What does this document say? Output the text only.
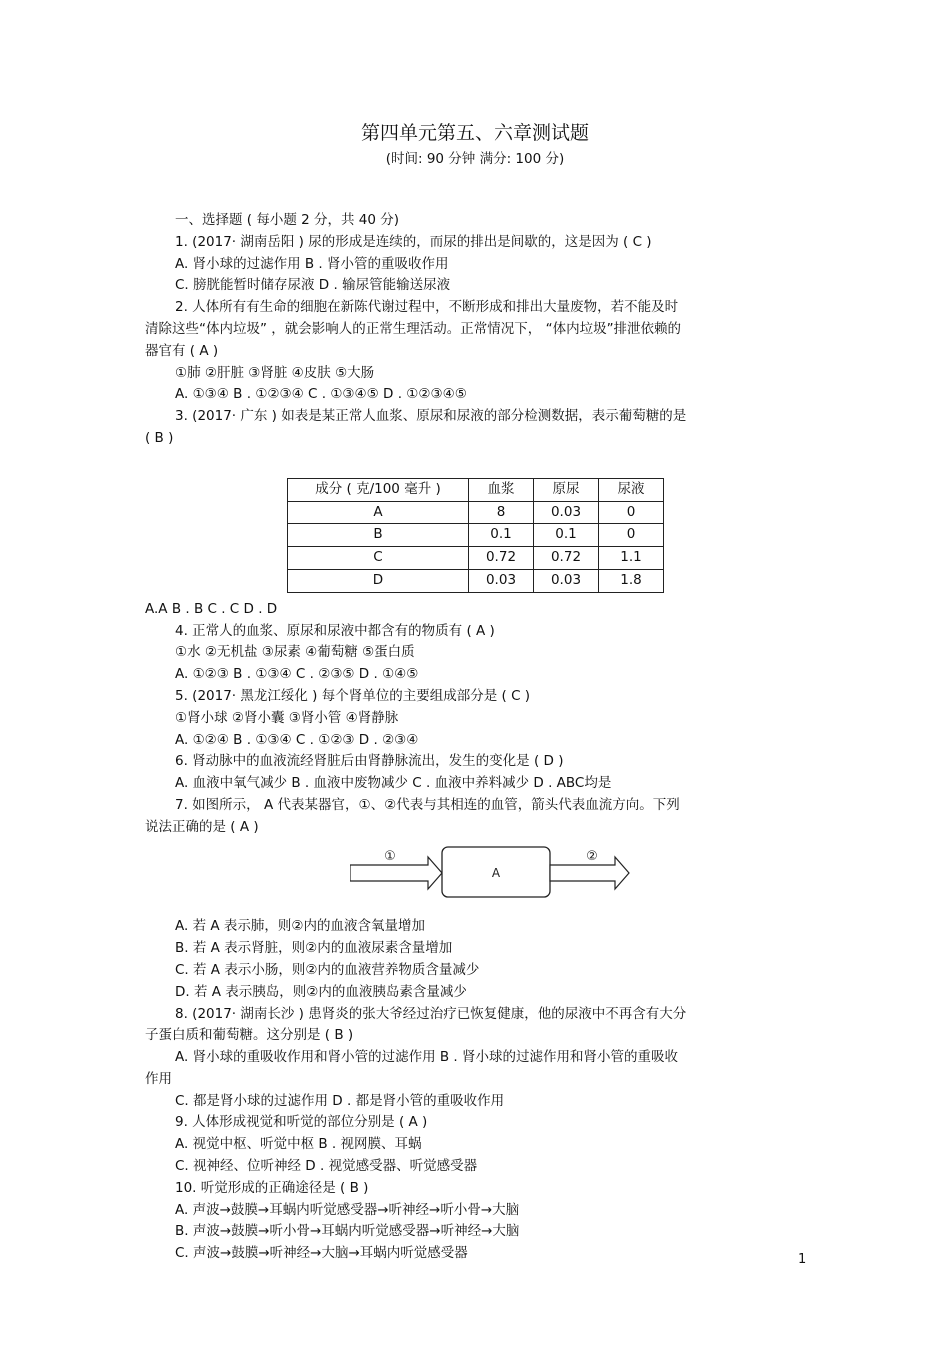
第四单元第五、六章测试题
(时间: 90 分钟 满分: 100 分)
一、选择题 ( 每小题 2 分，共 40 分)
1. (2017· 湖南岳阳 ) 尿的形成是连续的，而尿的排出是间歇的，这是因为 ( C )
A. 肾小球的过滤作用 B . 肾小管的重吸收作用
C. 膀胱能暂时储存尿液 D . 输尿管能输送尿液
2. 人体所有有生命的细胞在新陈代谢过程中，不断形成和排出大量废物，若不能及时
清除这些“体内垃圾” ，就会影响人的正常生理活动。正常情况下， “体内垃圾”排泄依赖的
器官有 ( A )
①肺 ②肝脏 ③肾脏 ④皮肤 ⑤大肠
A. ①③④ B . ①②③④ C . ①③④⑤ D . ①②③④⑤
3. (2017· 广东 ) 如表是某正常人血浆、原尿和尿液的部分检测数据，表示葡萄糖的是
( B )
成分 ( 克/100 毫升 )	血浆	原尿	尿液
A	8	0.03	0
B	0.1	0.1	0
C	0.72	0.72	1.1
D	0.03	0.03	1.8
A.A B . B C . C D . D
4. 正常人的血浆、原尿和尿液中都含有的物质有 ( A )
①水 ②无机盐 ③尿素 ④葡萄糖 ⑤蛋白质
A. ①②③ B . ①③④ C . ②③⑤ D . ①④⑤
5. (2017· 黑龙江绥化 ) 每个肾单位的主要组成部分是 ( C )
①肾小球 ②肾小囊 ③肾小管 ④肾静脉
A. ①②④ B . ①③④ C . ①②③ D . ②③④
6. 肾动脉中的血液流经肾脏后由肾静脉流出，发生的变化是 ( D )
A. 血液中氧气减少 B . 血液中废物减少 C . 血液中养料减少 D . ABC均是
7. 如图所示， A 代表某器官，①、②代表与其相连的血管，箭头代表血流方向。下列
说法正确的是 ( A )
①
A
②
A. 若 A 表示肺，则②内的血液含氧量增加
B. 若 A 表示肾脏，则②内的血液尿素含量增加
C. 若 A 表示小肠，则②内的血液营养物质含量减少
D. 若 A 表示胰岛，则②内的血液胰岛素含量减少
8. (2017· 湖南长沙 ) 患肾炎的张大爷经过治疗已恢复健康，他的尿液中不再含有大分
子蛋白质和葡萄糖。这分别是 ( B )
A. 肾小球的重吸收作用和肾小管的过滤作用 B . 肾小球的过滤作用和肾小管的重吸收
作用
C. 都是肾小球的过滤作用 D . 都是肾小管的重吸收作用
9. 人体形成视觉和听觉的部位分别是 ( A )
A. 视觉中枢、听觉中枢 B . 视网膜、耳蜗
C. 视神经、位听神经 D . 视觉感受器、听觉感受器
10. 听觉形成的正确途径是 ( B )
A. 声波→鼓膜→耳蜗内听觉感受器→听神经→听小骨→大脑
B. 声波→鼓膜→听小骨→耳蜗内听觉感受器→听神经→大脑
C. 声波→鼓膜→听神经→大脑→耳蜗内听觉感受器	1
